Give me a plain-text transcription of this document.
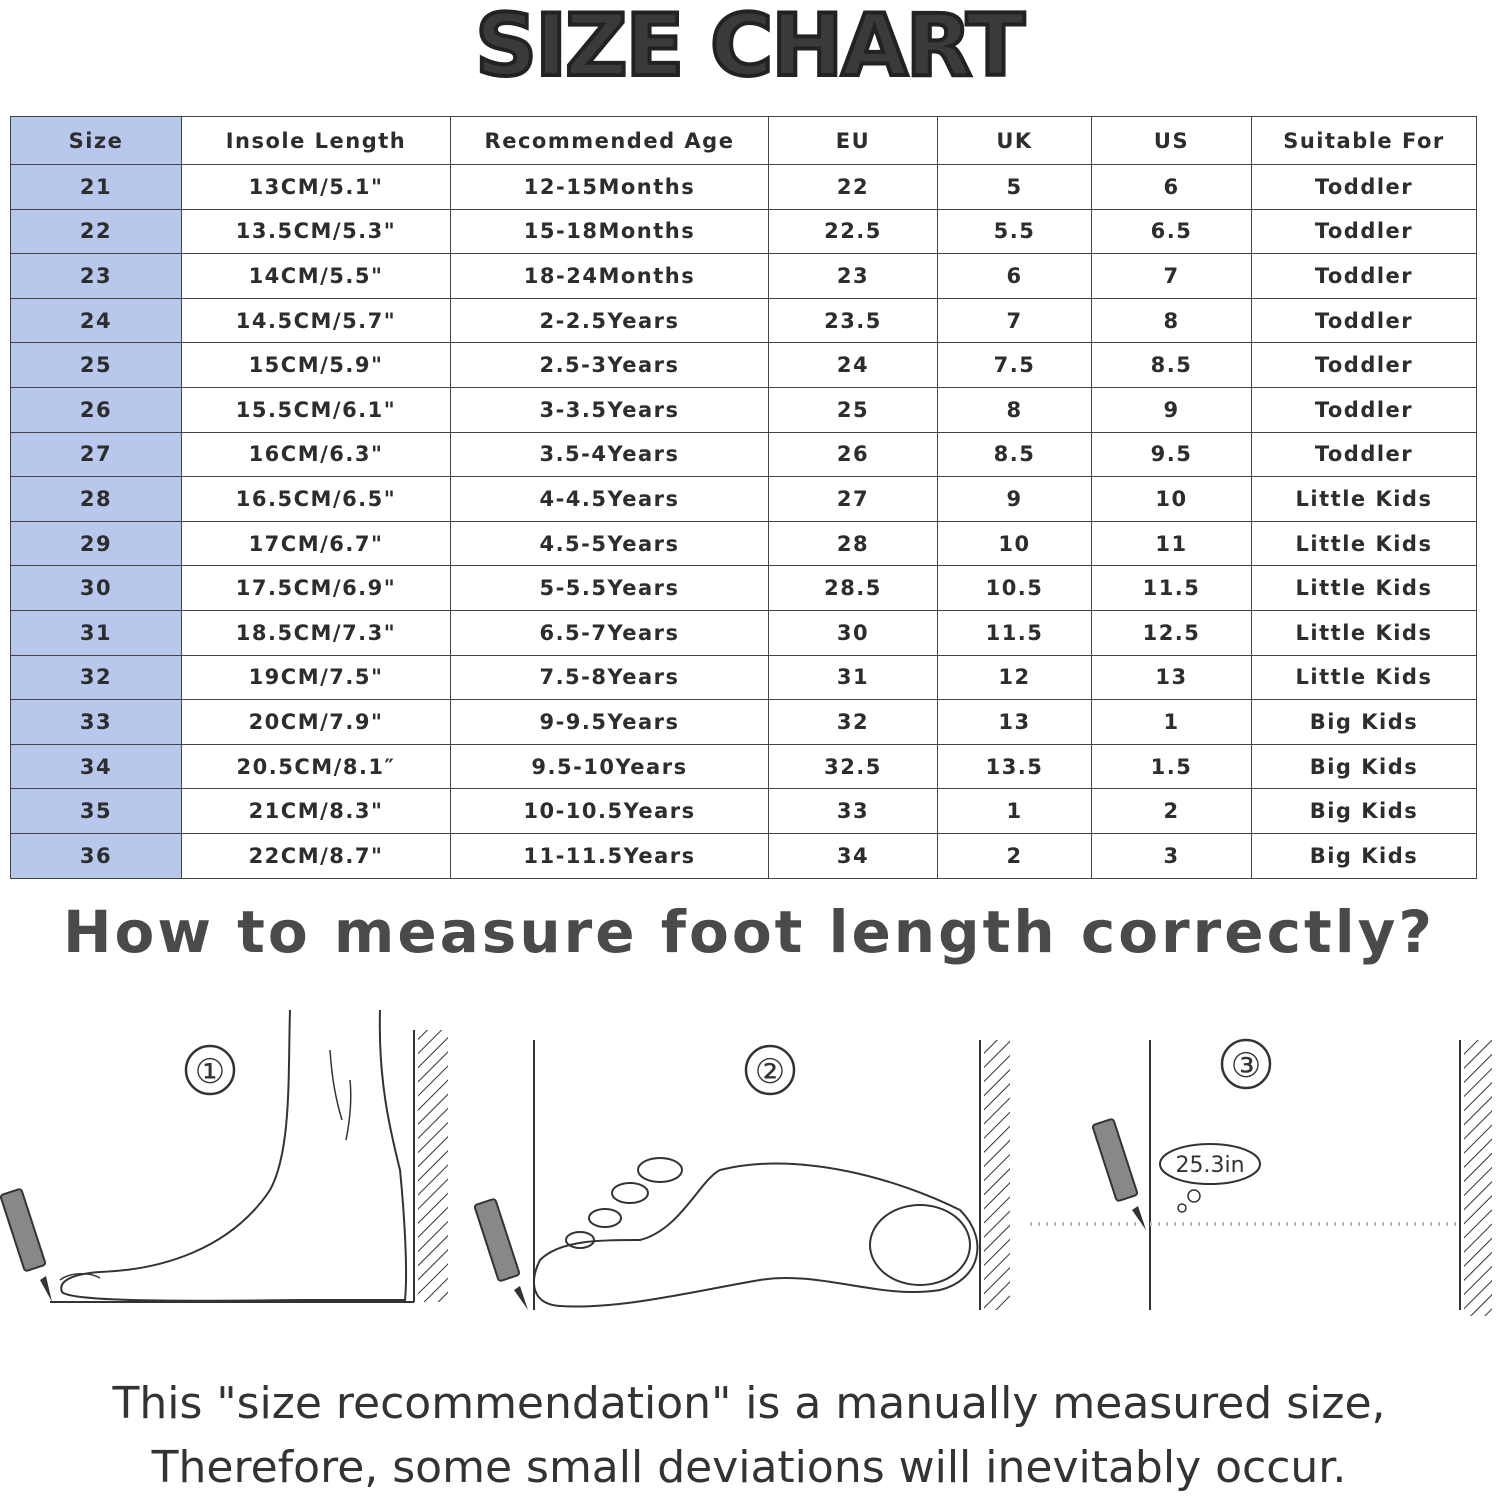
SIZE CHART
Size	Insole Length	Recommended Age	EU	UK	US	Suitable For
21	13CM/5.1"	12-15Months	22	5	6	Toddler
22	13.5CM/5.3"	15-18Months	22.5	5.5	6.5	Toddler
23	14CM/5.5"	18-24Months	23	6	7	Toddler
24	14.5CM/5.7"	2-2.5Years	23.5	7	8	Toddler
25	15CM/5.9"	2.5-3Years	24	7.5	8.5	Toddler
26	15.5CM/6.1"	3-3.5Years	25	8	9	Toddler
27	16CM/6.3"	3.5-4Years	26	8.5	9.5	Toddler
28	16.5CM/6.5"	4-4.5Years	27	9	10	Little Kids
29	17CM/6.7"	4.5-5Years	28	10	11	Little Kids
30	17.5CM/6.9"	5-5.5Years	28.5	10.5	11.5	Little Kids
31	18.5CM/7.3"	6.5-7Years	30	11.5	12.5	Little Kids
32	19CM/7.5"	7.5-8Years	31	12	13	Little Kids
33	20CM/7.9"	9-9.5Years	32	13	1	Big Kids
34	20.5CM/8.1″	9.5-10Years	32.5	13.5	1.5	Big Kids
35	21CM/8.3"	10-10.5Years	33	1	2	Big Kids
36	22CM/8.7"	11-11.5Years	34	2	3	Big Kids
How to measure foot length correctly?
①	②	③
25.3in
This "size recommendation" is a manually measured size,
Therefore, some small deviations will inevitably occur.
